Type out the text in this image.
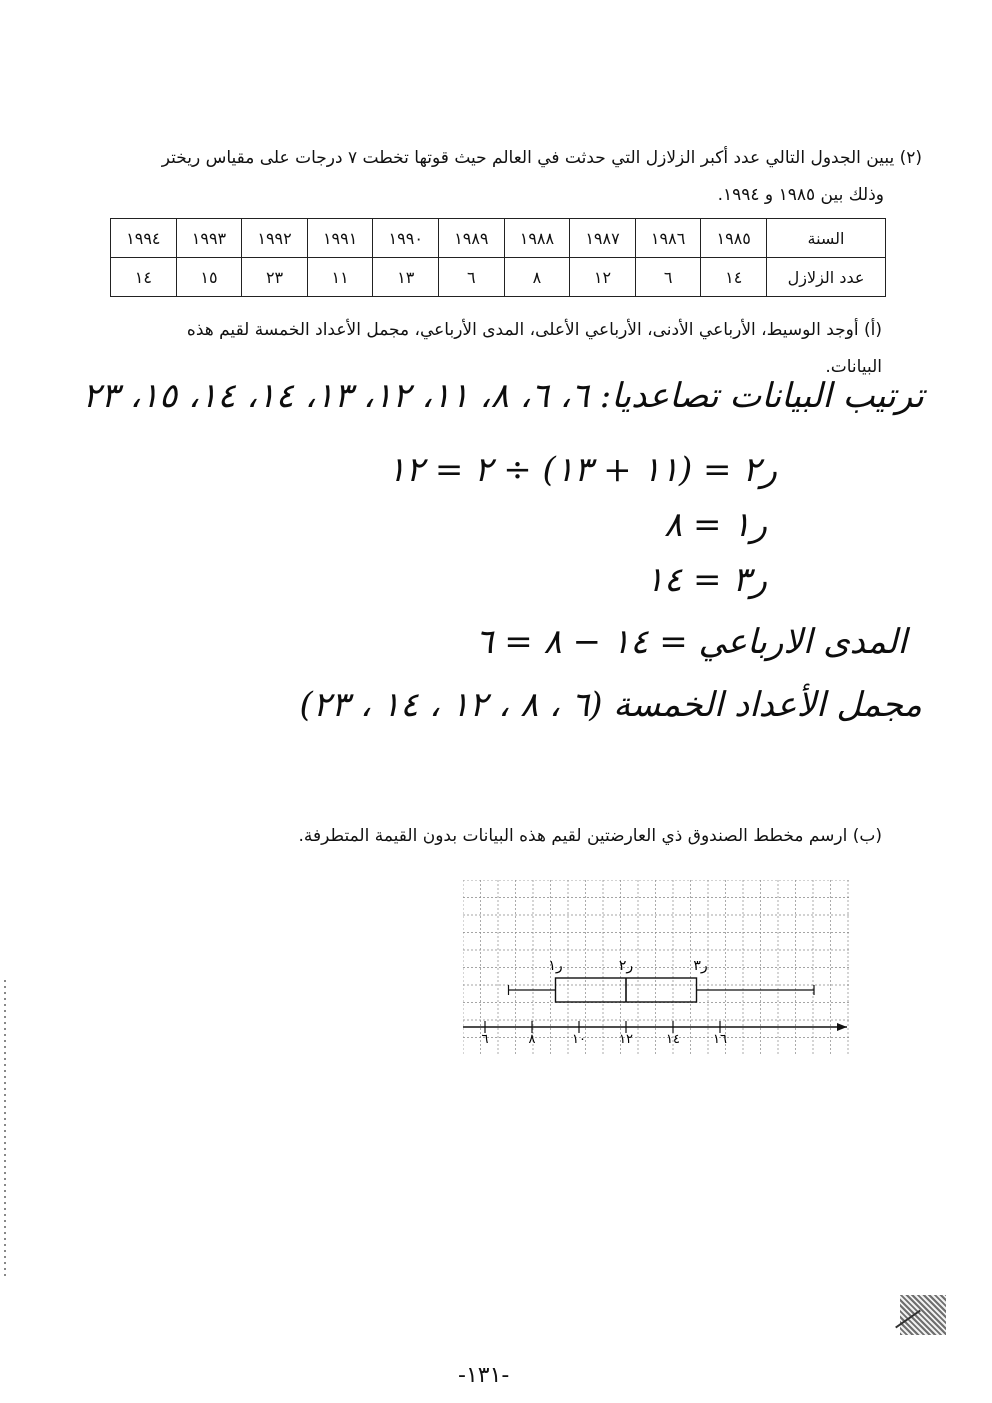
(٢) يبين الجدول التالي عدد أكبر الزلازل التي حدثت في العالم حيث قوتها تخطت ٧ درجات على مقياس ريختر
وذلك بين ١٩٨٥ و ١٩٩٤.
السنة	١٩٨٥	١٩٨٦	١٩٨٧	١٩٨٨	١٩٨٩	١٩٩٠	١٩٩١	١٩٩٢	١٩٩٣	١٩٩٤
عدد الزلازل	١٤	٦	١٢	٨	٦	١٣	١١	٢٣	١٥	١٤
(أ) أوجد الوسيط، الأرباعي الأدنى، الأرباعي الأعلى، المدى الأرباعي، مجمل الأعداد الخمسة لقيم هذه
البيانات.
ترتيب البيانات تصاعديا: ٦، ٦، ٨، ١١، ١٢، ١٣، ١٤، ١٤، ١٥، ٢٣
ر٢ = (١١ + ١٣) ÷ ٢ = ١٢
ر١ = ٨
ر٣ = ١٤
المدى الارباعي = ١٤ − ٨ = ٦
مجمل الأعداد الخمسة (٦ ، ٨ ، ١٢ ، ١٤ ، ٢٣)
(ب) ارسم مخطط الصندوق ذي العارضتين لقيم هذه البيانات بدون القيمة المتطرفة.
٦	٨	١٠	١٢	١٤	١٦
ر١	ر٢	ر٣
-١٣١-
